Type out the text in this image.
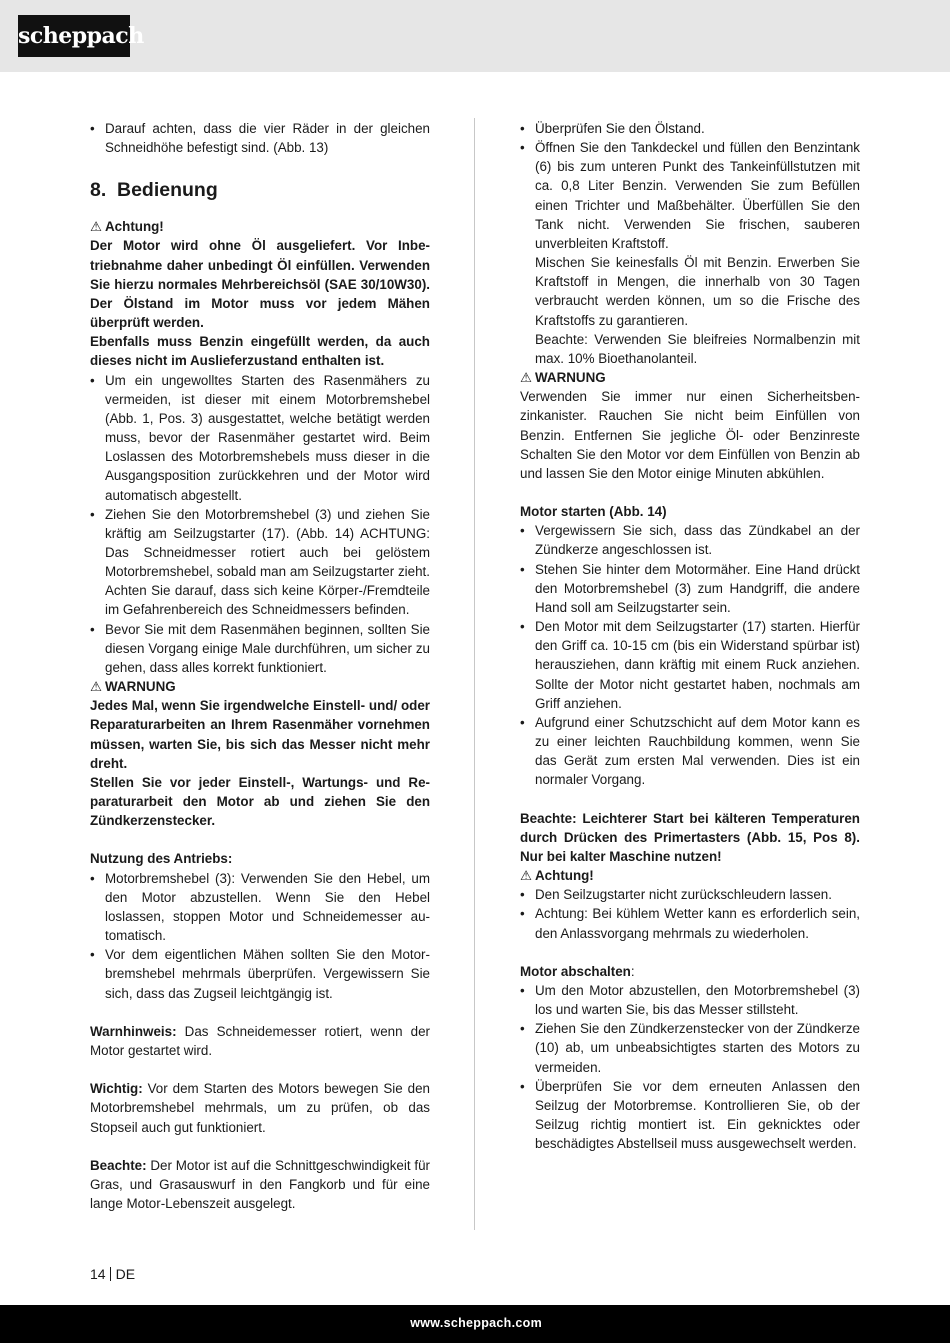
scheppach
• Darauf achten, dass die vier Räder in der gleichen Schneidhöhe befestigt sind. (Abb. 13)
8. Bedienung

⚠ Achtung!

Der Motor wird ohne Öl ausgeliefert. Vor Inbetriebnahme daher unbedingt Öl einfüllen. Verwenden Sie hierzu normales Mehrbereichsöl (SAE 30/10W30). Der Ölstand im Motor muss vor jedem Mähen überprüft werden.

Ebenfalls muss Benzin eingefüllt werden, da auch dieses nicht im Auslieferzustand enthalten ist.

• Um ein ungewolltes Starten des Rasenmähers zu vermeiden, ist dieser mit einem Motorbremshebel (Abb. 1, Pos. 3) ausgestattet, welche betätigt werden muss, bevor der Rasenmäher gestartet wird. Beim Loslassen des Motorbremshebels muss dieser in die Ausgangsposition zurückkehren und der Motor wird automatisch abgestellt.
• Ziehen Sie den Motorbremshebel (3) und ziehen Sie kräftig am Seilzugstarter (17). (Abb. 14) ACHTUNG: Das Schneidmesser rotiert auch bei gelöstem Motorbremshebel, sobald man am Seilzugstarter zieht. Achten Sie darauf, dass sich keine Körper-/Fremdteile im Gefahrenbereich des Schneidmessers befinden.
• Bevor Sie mit dem Rasenmähen beginnen, sollten Sie diesen Vorgang einige Male durchführen, um sicher zu gehen, dass alles korrekt funktioniert.

⚠ WARNUNG

Jedes Mal, wenn Sie irgendwelche Einstell- und/ oder Reparaturarbeiten an Ihrem Rasenmäher vornehmen müssen, warten Sie, bis sich das Messer nicht mehr dreht.

Stellen Sie vor jeder Einstell-, Wartungs- und Reparaturarbeit den Motor ab und ziehen Sie den Zündkerzenstecker.

Nutzung des Antriebs:

• Motorbremshebel (3): Verwenden Sie den Hebel, um den Motor abzustellen. Wenn Sie den Hebel loslassen, stoppen Motor und Schneidemesser automatisch.
• Vor dem eigentlichen Mähen sollten Sie den Motorbremshebel mehrmals überprüfen. Vergewissern Sie sich, dass das Zugseil leichtgängig ist.

Warnhinweis: Das Schneidemesser rotiert, wenn der Motor gestartet wird.

Wichtig: Vor dem Starten des Motors bewegen Sie den Motorbremshebel mehrmals, um zu prüfen, ob das Stopseil auch gut funktioniert.

Beachte: Der Motor ist auf die Schnittgeschwindigkeit für Gras, und Grasauswurf in den Fangkorb und für eine lange Motor-Lebenszeit ausgelegt.

• Überprüfen Sie den Ölstand.
• Öffnen Sie den Tankdeckel und füllen den Benzintank (6) bis zum unteren Punkt des Tankeinfüllstutzen mit ca. 0,8 Liter Benzin. Verwenden Sie zum Befüllen einen Trichter und Maßbehälter. Überfüllen Sie den Tank nicht. Verwenden Sie frischen, sauberen unverbleiten Kraftstoff.

Mischen Sie keinesfalls Öl mit Benzin. Erwerben Sie Kraftstoff in Mengen, die innerhalb von 30 Tagen verbraucht werden können, um so die Frische des Kraftstoffs zu garantieren.

Beachte: Verwenden Sie bleifreies Normalbenzin mit max. 10% Bioethanolanteil.

⚠ WARNUNG

Verwenden Sie immer nur einen Sicherheitsbenzinkanister. Rauchen Sie nicht beim Einfüllen von Benzin. Entfernen Sie jegliche Öl- oder Benzinreste Schalten Sie den Motor vor dem Einfüllen von Benzin ab und lassen Sie den Motor einige Minuten abkühlen.

Motor starten (Abb. 14)

• Vergewissern Sie sich, dass das Zündkabel an der Zündkerze angeschlossen ist.
• Stehen Sie hinter dem Motormäher. Eine Hand drückt den Motorbremshebel (3) zum Handgriff, die andere Hand soll am Seilzugstarter sein.
• Den Motor mit dem Seilzugstarter (17) starten. Hierfür den Griff ca. 10-15 cm (bis ein Widerstand spürbar ist) herausziehen, dann kräftig mit einem Ruck anziehen. Sollte der Motor nicht gestartet haben, nochmals am Griff anziehen.
• Aufgrund einer Schutzschicht auf dem Motor kann es zu einer leichten Rauchbildung kommen, wenn Sie das Gerät zum ersten Mal verwenden. Dies ist ein normaler Vorgang.

Beachte: Leichterer Start bei kälteren Temperaturen durch Drücken des Primertasters (Abb. 15, Pos 8). Nur bei kalter Maschine nutzen!

⚠ Achtung!

• Den Seilzugstarter nicht zurückschleudern lassen.
• Achtung: Bei kühlem Wetter kann es erforderlich sein, den Anlassvorgang mehrmals zu wiederholen.

Motor abschalten:

• Um den Motor abzustellen, den Motorbremshebel (3) los und warten Sie, bis das Messer stillsteht.
• Ziehen Sie den Zündkerzenstecker von der Zündkerze (10) ab, um unbeabsichtigtes starten des Motors zu vermeiden.
• Überprüfen Sie vor dem erneuten Anlassen den Seilzug der Motorbremse. Kontrollieren Sie, ob der Seilzug richtig montiert ist. Ein geknicktes oder beschädigtes Abstellseil muss ausgewechselt werden.
14 DE
www.scheppach.com
